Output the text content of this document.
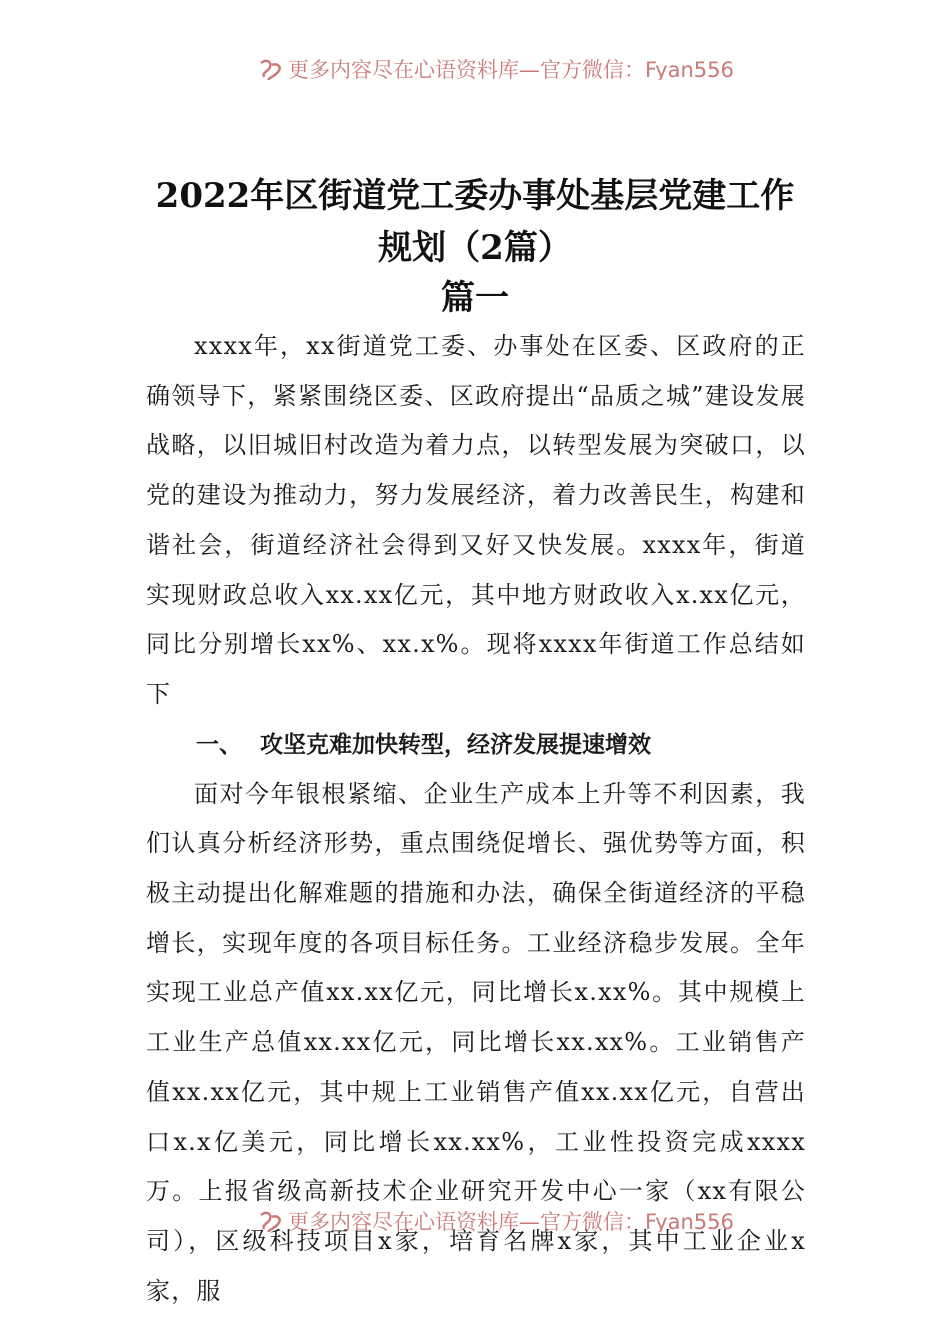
更多内容尽在心语资料库—官方微信：Fyan556
2022年区街道党工委办事处基层党建工作
规划（2篇）
篇一

xxxx年，xx街道党工委、办事处在区委、区政府的正确领导下，紧紧围绕区委、区政府提出“品质之城”建设发展战略，以旧城旧村改造为着力点，以转型发展为突破口，以党的建设为推动力，努力发展经济，着力改善民生，构建和谐社会，街道经济社会得到又好又快发展。xxxx年，街道实现财政总收入xx.xx亿元，其中地方财政收入x.xx亿元，同比分别增长xx%、xx.x%。现将xxxx年街道工作总结如下

一、 攻坚克难加快转型，经济发展提速增效

面对今年银根紧缩、企业生产成本上升等不利因素，我们认真分析经济形势，重点围绕促增长、强优势等方面，积极主动提出化解难题的措施和办法，确保全街道经济的平稳增长，实现年度的各项目标任务。工业经济稳步发展。全年实现工业总产值xx.xx亿元，同比增长x.xx%。其中规模上工业生产总值xx.xx亿元，同比增长xx.xx%。工业销售产值xx.xx亿元，其中规上工业销售产值xx.xx亿元，自营出口x.x亿美元，同比增长xx.xx%，工业性投资完成xxxx万。上报省级高新技术企业研究开发中心一家（xx有限公司），区级科技项目x家，培育名牌x家，其中工业企业x家，服

更多内容尽在心语资料库—官方微信：Fyan556
